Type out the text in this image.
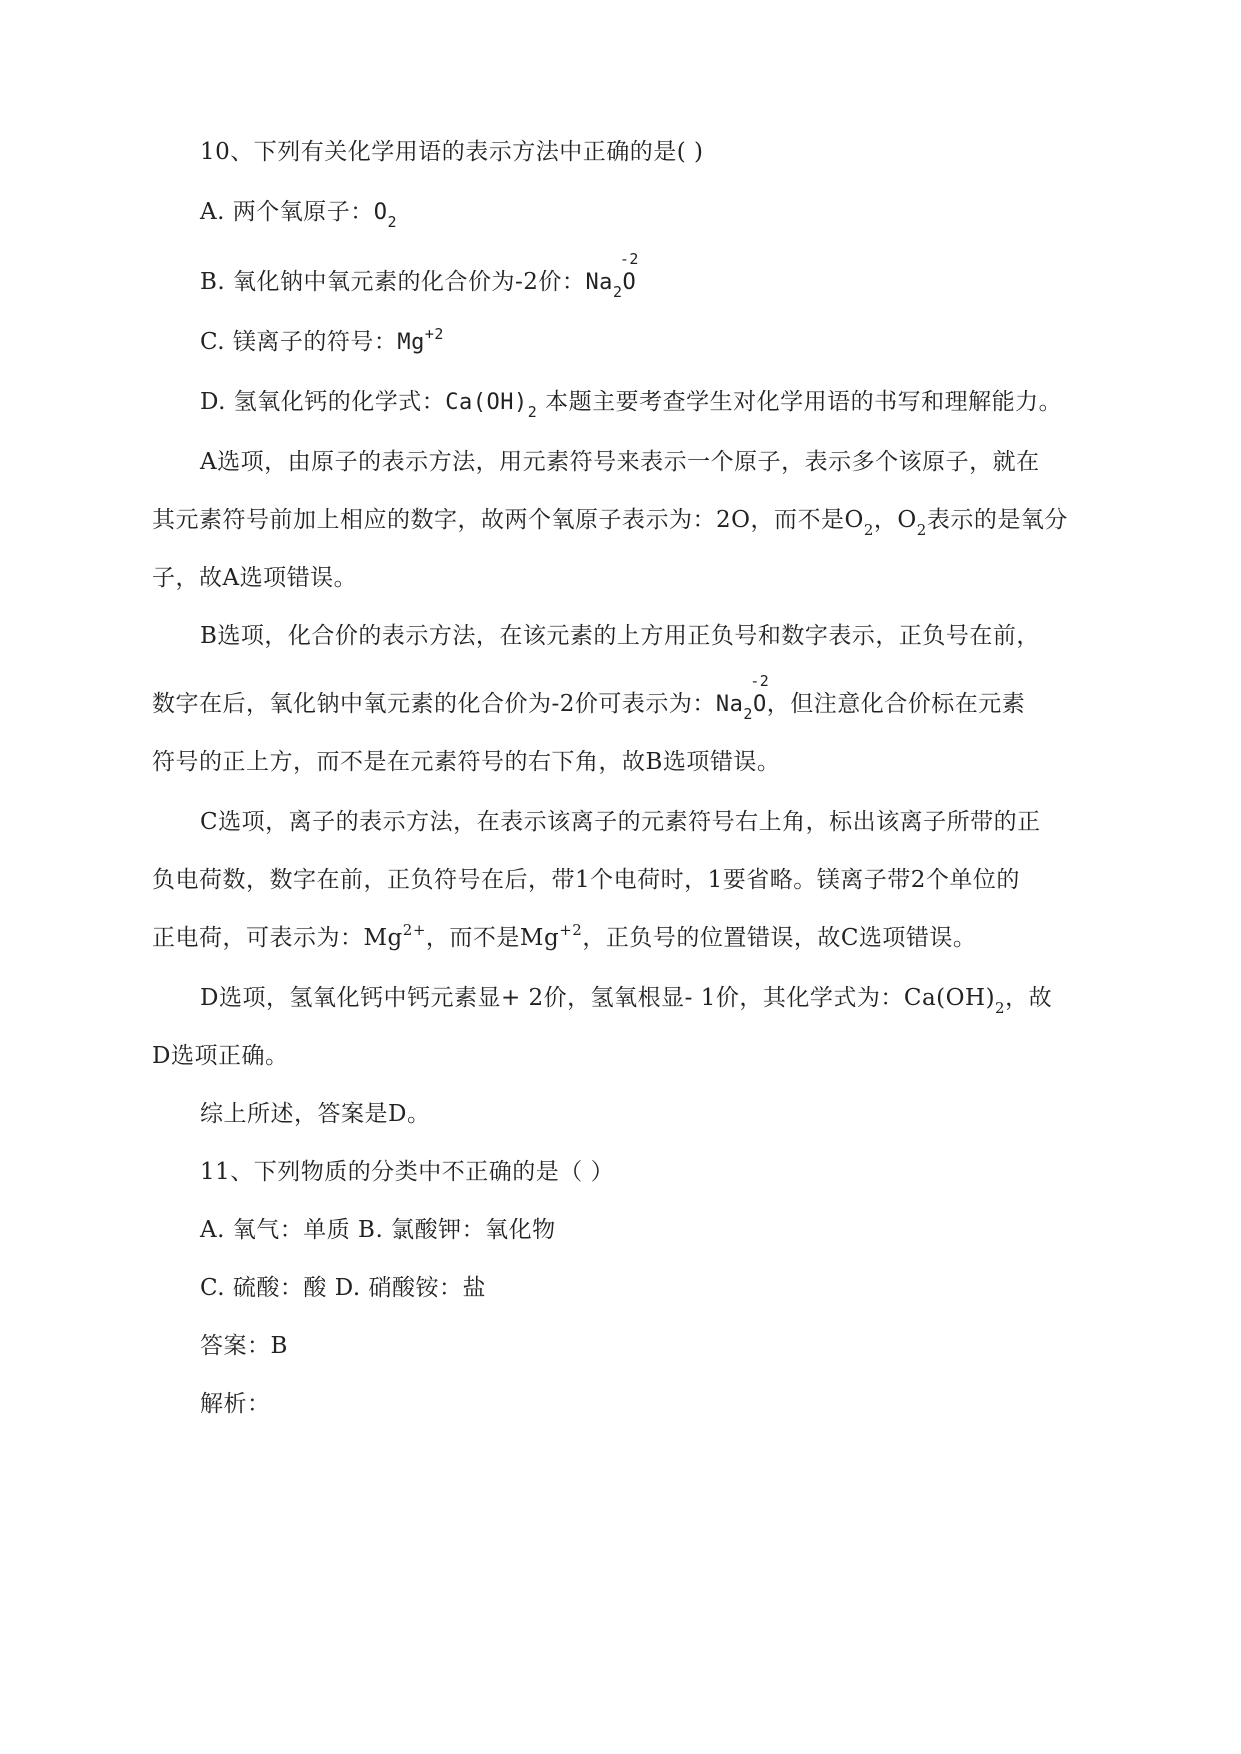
10、下列有关化学用语的表示方法中正确的是( )
A. 两个氧原子：$O_2$
B. 氧化钠中氧元素的化合价为-2价：$Na_2$
-2
O
C. 镁离子的符号：$Mg^{+2}$
D. 氢氧化钙的化学式：$Ca(OH)_2$ 本题主要考查学生对化学用语的书写和理解能力。
A选项，由原子的表示方法，用元素符号来表示一个原子，表示多个该原子，就在
其元素符号前加上相应的数字，故两个氧原子表示为：2O，而不是$O_2$，$O_2$表示的是氧分
子，故A选项错误。
B选项，化合价的表示方法，在该元素的上方用正负号和数字表示，正负号在前，
数字在后，氧化钠中氧元素的化合价为-2价可表示为：$Na_2$
-2
O，但注意化合价标在元素
符号的正上方，而不是在元素符号的右下角，故B选项错误。
C选项，离子的表示方法，在表示该离子的元素符号右上角，标出该离子所带的正
负电荷数，数字在前，正负符号在后，带1个电荷时，1要省略。镁离子带2个单位的
正电荷，可表示为：$Mg^{2+}$，而不是$Mg^{+2}$，正负号的位置错误，故C选项错误。
D选项，氢氧化钙中钙元素显+ 2价，氢氧根显- 1价，其化学式为：$Ca(OH)_2$，故
D选项正确。
综上所述，答案是D。
11、下列物质的分类中不正确的是（ ）
A. 氧气：单质 B. 氯酸钾：氧化物
C. 硫酸：酸 D. 硝酸铵：盐
答案：B
解析：
